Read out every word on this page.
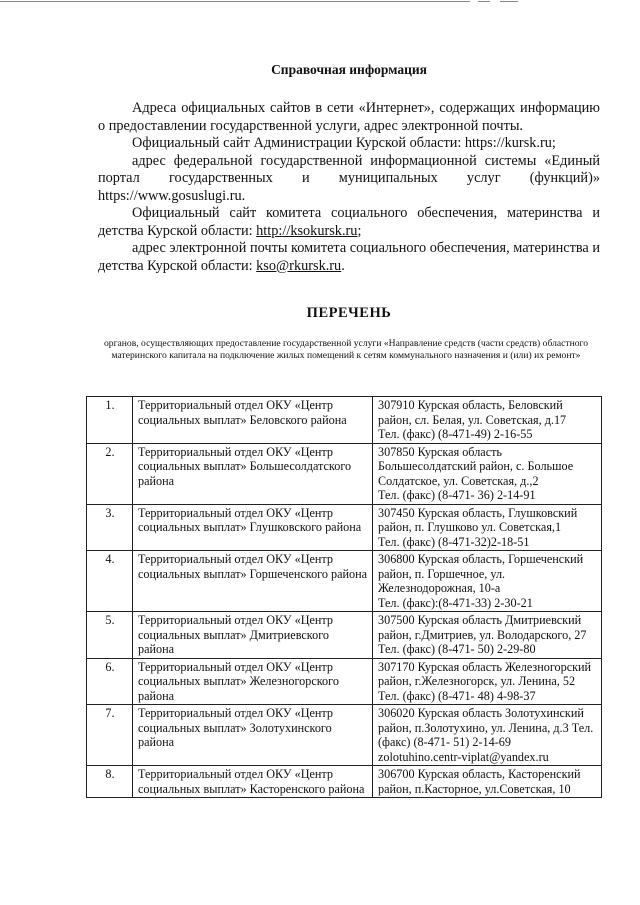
Справочная информация

Адреса официальных сайтов в сети «Интернет», содержащих информацию о предоставлении государственной услуги, адрес электронной почты.

Официальный сайт Администрации Курской области: https://kursk.ru;

адрес федеральной государственной информационной системы «Единый портал государственных и муниципальных услуг (функций)» https://www.gosuslugi.ru.

Официальный сайт комитета социального обеспечения, материнства и детства Курской области: http://ksokursk.ru;

адрес электронной почты комитета социального обеспечения, материнства и детства Курской области: kso@rkursk.ru.

ПЕРЕЧЕНЬ
органов, осуществляющих предоставление государственной услуги «Направление средств (части средств) областного материнского капитала на подключение жилых помещений к сетям коммунального назначения и (или) их ремонт»
1.	Территориальный отдел ОКУ «Центр социальных выплат» Беловского района	307910 Курская область, Беловский район, сл. Белая, ул. Советская, д.17
Тел. (факс) (8-471-49) 2-16-55

2.	Территориальный отдел ОКУ «Центр социальных выплат» Большесолдатского района	307850 Курская область Большесолдатский район, с. Большое Солдатское, ул. Советская, д.,2
Тел. (факс) (8-471- 36) 2-14-91

3.	Территориальный отдел ОКУ «Центр социальных выплат» Глушковского района	307450 Курская область, Глушковский район, п. Глушково ул. Советская,1
Тел. (факс) (8-471-32)2-18-51

4.	Территориальный отдел ОКУ «Центр социальных выплат» Горшеченского района	306800 Курская область, Горшеченский район, п. Горшечное, ул. Железнодорожная, 10-а
Тел. (факс):(8-471-33) 2-30-21

5.	Территориальный отдел ОКУ «Центр социальных выплат» Дмитриевского района	307500 Курская область Дмитриевский район, г.Дмитриев, ул. Володарского, 27
Тел. (факс) (8-471- 50) 2-29-80

6.	Территориальный отдел ОКУ «Центр социальных выплат» Железногорского района	307170 Курская область Железногорский район, г.Железногорск, ул. Ленина, 52
Тел. (факс) (8-471- 48) 4-98-37

7.	Территориальный отдел ОКУ «Центр социальных выплат» Золотухинского района	306020 Курская область Золотухинский район, п.Золотухино, ул. Ленина, д.3 Тел. (факс) (8-471- 51) 2-14-69
zolotuhino.centr-viplat@yandex.ru

8.	Территориальный отдел ОКУ «Центр социальных выплат» Касторенского района	306700 Курская область, Касторенский район, п.Касторное, ул.Советская, 10
